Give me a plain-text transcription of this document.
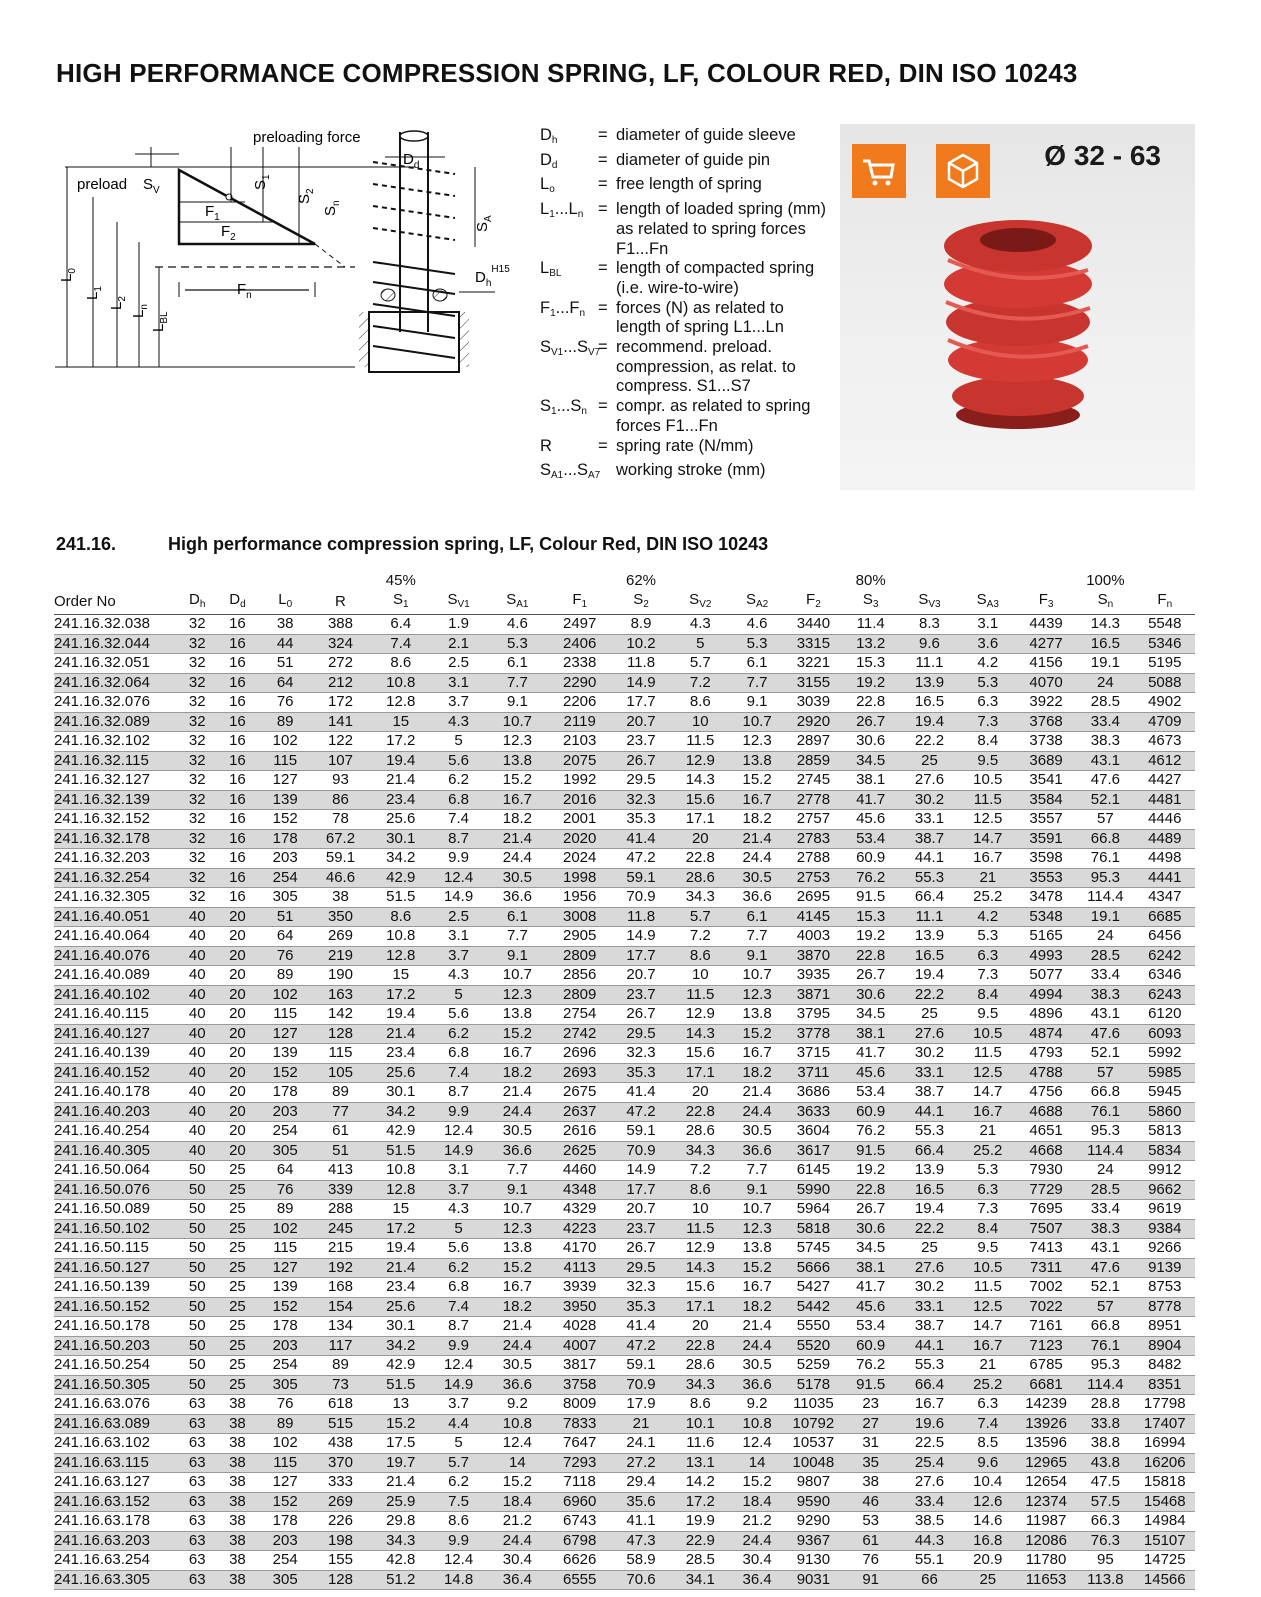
HIGH PERFORMANCE COMPRESSION SPRING, LF, COLOUR RED, DIN ISO 10243
preloading force
preload $S_V$
$D_d$
$D_h^{H15}$
$F_1$
$F_2$
$F_n$
$S_1$
$S_2$
$S_n$
$S_A$
$L_0$
$L_1$
$L_2$
$L_n$
$L_{BL}$
$D_h$	= diameter of guide sleeve
$D_d$	= diameter of guide pin
$L_o$	= free length of spring
$L_1...L_n$ = length of loaded spring (mm) as related to spring forces F1...Fn
$L_{BL}$	= length of compacted spring (i.e. wire-to-wire)
$F_1...F_n$ = forces (N) as related to length of spring L1...Ln
$S_{V1}...S_{V7}$
= recommend. preload. compression, as relat. to compress. S1...S7
$S_1...S_n$ = compr. as related to spring forces F1...Fn
R	= spring rate (N/mm)
$S_{A1}...S_{A7}$ working stroke (mm)
Ø 32 - 63
241.16.	High performance compression spring, LF, Colour Red, DIN ISO 10243
					45%				62%				80%				100%	
Order No	$D_h$	$D_d$	$L_0$	R	$S_1$	$S_{V1}$	$S_{A1}$	$F_1$	$S_2$	$S_{V2}$	$S_{A2}$	$F_2$	$S_3$	$S_{V3}$	$S_{A3}$	$F_3$	$S_n$	$F_n$
241.16.32.038	32	16	38	388	6.4	1.9	4.6	2497	8.9	4.3	4.6	3440	11.4	8.3	3.1	4439	14.3	5548
241.16.32.044	32	16	44	324	7.4	2.1	5.3	2406	10.2	5	5.3	3315	13.2	9.6	3.6	4277	16.5	5346
241.16.32.051	32	16	51	272	8.6	2.5	6.1	2338	11.8	5.7	6.1	3221	15.3	11.1	4.2	4156	19.1	5195
241.16.32.064	32	16	64	212	10.8	3.1	7.7	2290	14.9	7.2	7.7	3155	19.2	13.9	5.3	4070	24	5088
241.16.32.076	32	16	76	172	12.8	3.7	9.1	2206	17.7	8.6	9.1	3039	22.8	16.5	6.3	3922	28.5	4902
241.16.32.089	32	16	89	141	15	4.3	10.7	2119	20.7	10	10.7	2920	26.7	19.4	7.3	3768	33.4	4709
241.16.32.102	32	16	102	122	17.2	5	12.3	2103	23.7	11.5	12.3	2897	30.6	22.2	8.4	3738	38.3	4673
241.16.32.115	32	16	115	107	19.4	5.6	13.8	2075	26.7	12.9	13.8	2859	34.5	25	9.5	3689	43.1	4612
241.16.32.127	32	16	127	93	21.4	6.2	15.2	1992	29.5	14.3	15.2	2745	38.1	27.6	10.5	3541	47.6	4427
241.16.32.139	32	16	139	86	23.4	6.8	16.7	2016	32.3	15.6	16.7	2778	41.7	30.2	11.5	3584	52.1	4481
241.16.32.152	32	16	152	78	25.6	7.4	18.2	2001	35.3	17.1	18.2	2757	45.6	33.1	12.5	3557	57	4446
241.16.32.178	32	16	178	67.2	30.1	8.7	21.4	2020	41.4	20	21.4	2783	53.4	38.7	14.7	3591	66.8	4489
241.16.32.203	32	16	203	59.1	34.2	9.9	24.4	2024	47.2	22.8	24.4	2788	60.9	44.1	16.7	3598	76.1	4498
241.16.32.254	32	16	254	46.6	42.9	12.4	30.5	1998	59.1	28.6	30.5	2753	76.2	55.3	21	3553	95.3	4441
241.16.32.305	32	16	305	38	51.5	14.9	36.6	1956	70.9	34.3	36.6	2695	91.5	66.4	25.2	3478	114.4	4347
241.16.40.051	40	20	51	350	8.6	2.5	6.1	3008	11.8	5.7	6.1	4145	15.3	11.1	4.2	5348	19.1	6685
241.16.40.064	40	20	64	269	10.8	3.1	7.7	2905	14.9	7.2	7.7	4003	19.2	13.9	5.3	5165	24	6456
241.16.40.076	40	20	76	219	12.8	3.7	9.1	2809	17.7	8.6	9.1	3870	22.8	16.5	6.3	4993	28.5	6242
241.16.40.089	40	20	89	190	15	4.3	10.7	2856	20.7	10	10.7	3935	26.7	19.4	7.3	5077	33.4	6346
241.16.40.102	40	20	102	163	17.2	5	12.3	2809	23.7	11.5	12.3	3871	30.6	22.2	8.4	4994	38.3	6243
241.16.40.115	40	20	115	142	19.4	5.6	13.8	2754	26.7	12.9	13.8	3795	34.5	25	9.5	4896	43.1	6120
241.16.40.127	40	20	127	128	21.4	6.2	15.2	2742	29.5	14.3	15.2	3778	38.1	27.6	10.5	4874	47.6	6093
241.16.40.139	40	20	139	115	23.4	6.8	16.7	2696	32.3	15.6	16.7	3715	41.7	30.2	11.5	4793	52.1	5992
241.16.40.152	40	20	152	105	25.6	7.4	18.2	2693	35.3	17.1	18.2	3711	45.6	33.1	12.5	4788	57	5985
241.16.40.178	40	20	178	89	30.1	8.7	21.4	2675	41.4	20	21.4	3686	53.4	38.7	14.7	4756	66.8	5945
241.16.40.203	40	20	203	77	34.2	9.9	24.4	2637	47.2	22.8	24.4	3633	60.9	44.1	16.7	4688	76.1	5860
241.16.40.254	40	20	254	61	42.9	12.4	30.5	2616	59.1	28.6	30.5	3604	76.2	55.3	21	4651	95.3	5813
241.16.40.305	40	20	305	51	51.5	14.9	36.6	2625	70.9	34.3	36.6	3617	91.5	66.4	25.2	4668	114.4	5834
241.16.50.064	50	25	64	413	10.8	3.1	7.7	4460	14.9	7.2	7.7	6145	19.2	13.9	5.3	7930	24	9912
241.16.50.076	50	25	76	339	12.8	3.7	9.1	4348	17.7	8.6	9.1	5990	22.8	16.5	6.3	7729	28.5	9662
241.16.50.089	50	25	89	288	15	4.3	10.7	4329	20.7	10	10.7	5964	26.7	19.4	7.3	7695	33.4	9619
241.16.50.102	50	25	102	245	17.2	5	12.3	4223	23.7	11.5	12.3	5818	30.6	22.2	8.4	7507	38.3	9384
241.16.50.115	50	25	115	215	19.4	5.6	13.8	4170	26.7	12.9	13.8	5745	34.5	25	9.5	7413	43.1	9266
241.16.50.127	50	25	127	192	21.4	6.2	15.2	4113	29.5	14.3	15.2	5666	38.1	27.6	10.5	7311	47.6	9139
241.16.50.139	50	25	139	168	23.4	6.8	16.7	3939	32.3	15.6	16.7	5427	41.7	30.2	11.5	7002	52.1	8753
241.16.50.152	50	25	152	154	25.6	7.4	18.2	3950	35.3	17.1	18.2	5442	45.6	33.1	12.5	7022	57	8778
241.16.50.178	50	25	178	134	30.1	8.7	21.4	4028	41.4	20	21.4	5550	53.4	38.7	14.7	7161	66.8	8951
241.16.50.203	50	25	203	117	34.2	9.9	24.4	4007	47.2	22.8	24.4	5520	60.9	44.1	16.7	7123	76.1	8904
241.16.50.254	50	25	254	89	42.9	12.4	30.5	3817	59.1	28.6	30.5	5259	76.2	55.3	21	6785	95.3	8482
241.16.50.305	50	25	305	73	51.5	14.9	36.6	3758	70.9	34.3	36.6	5178	91.5	66.4	25.2	6681	114.4	8351
241.16.63.076	63	38	76	618	13	3.7	9.2	8009	17.9	8.6	9.2	11035	23	16.7	6.3	14239	28.8	17798
241.16.63.089	63	38	89	515	15.2	4.4	10.8	7833	21	10.1	10.8	10792	27	19.6	7.4	13926	33.8	17407
241.16.63.102	63	38	102	438	17.5	5	12.4	7647	24.1	11.6	12.4	10537	31	22.5	8.5	13596	38.8	16994
241.16.63.115	63	38	115	370	19.7	5.7	14	7293	27.2	13.1	14	10048	35	25.4	9.6	12965	43.8	16206
241.16.63.127	63	38	127	333	21.4	6.2	15.2	7118	29.4	14.2	15.2	9807	38	27.6	10.4	12654	47.5	15818
241.16.63.152	63	38	152	269	25.9	7.5	18.4	6960	35.6	17.2	18.4	9590	46	33.4	12.6	12374	57.5	15468
241.16.63.178	63	38	178	226	29.8	8.6	21.2	6743	41.1	19.9	21.2	9290	53	38.5	14.6	11987	66.3	14984
241.16.63.203	63	38	203	198	34.3	9.9	24.4	6798	47.3	22.9	24.4	9367	61	44.3	16.8	12086	76.3	15107
241.16.63.254	63	38	254	155	42.8	12.4	30.4	6626	58.9	28.5	30.4	9130	76	55.1	20.9	11780	95	14725
241.16.63.305	63	38	305	128	51.2	14.8	36.4	6555	70.6	34.1	36.4	9031	91	66	25	11653	113.8	14566
